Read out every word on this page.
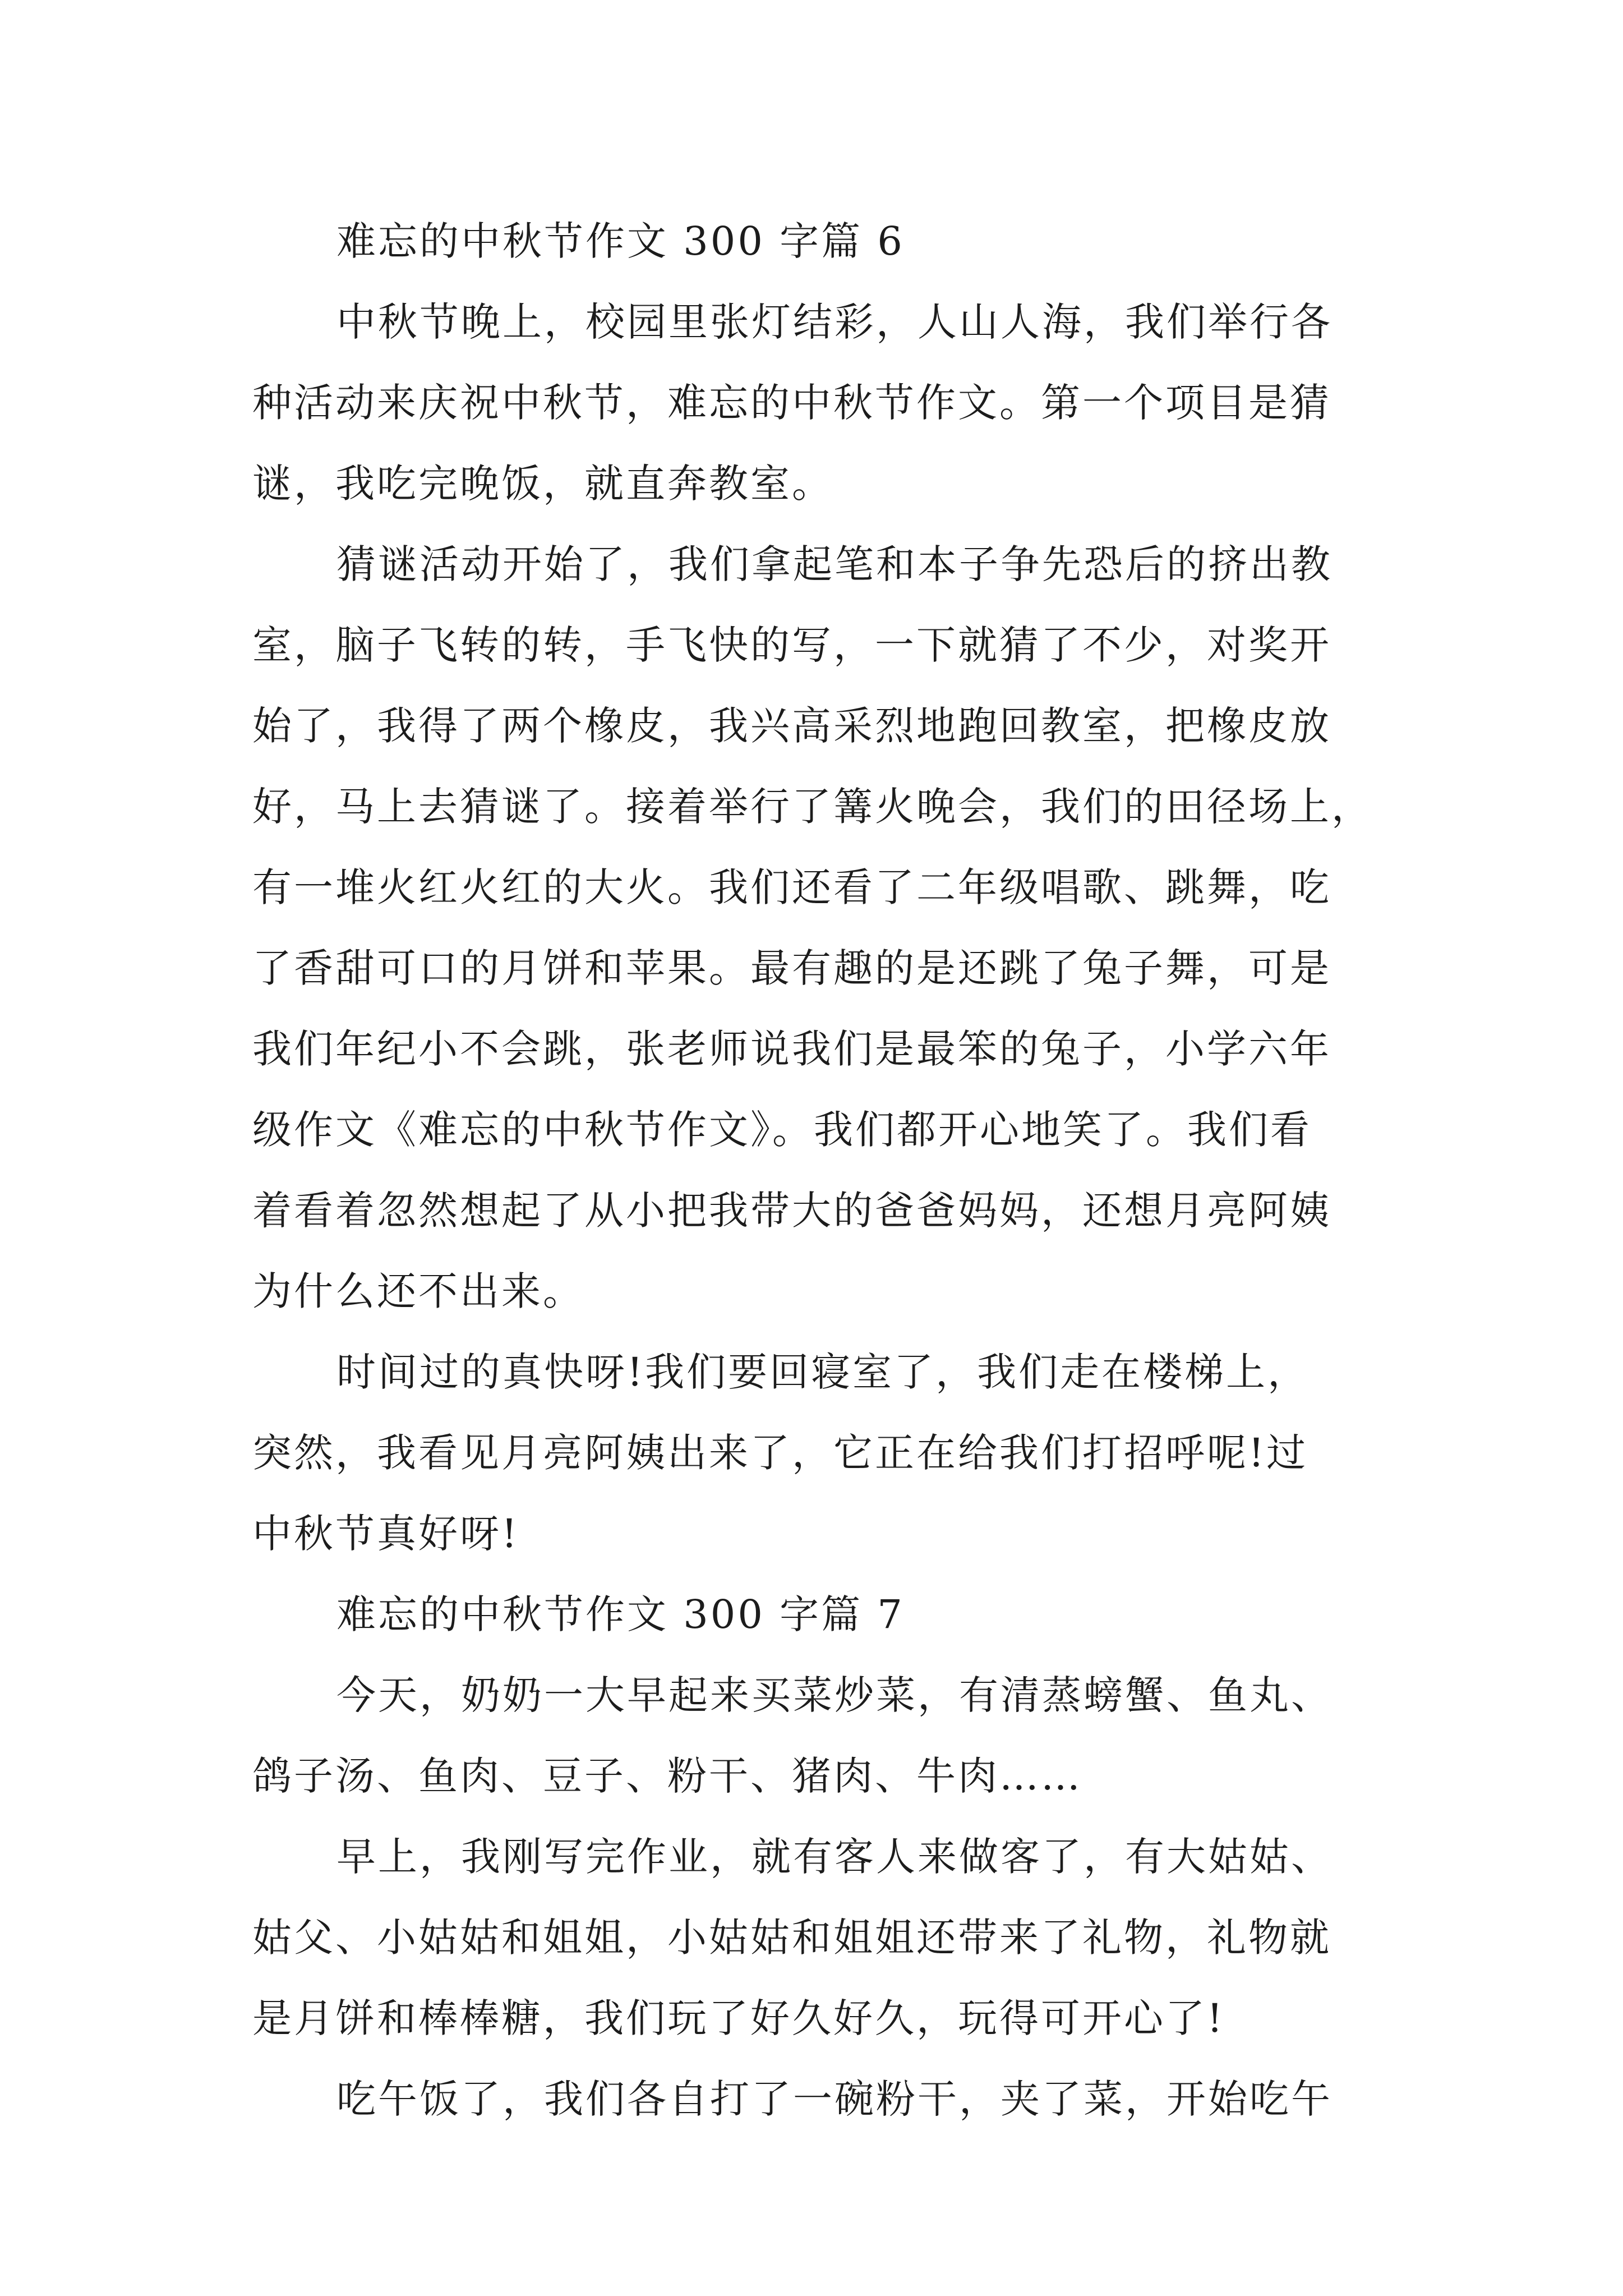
难忘的中秋节作文 300 字篇 6
中秋节晚上，校园里张灯结彩，人山人海，我们举行各
种活动来庆祝中秋节，难忘的中秋节作文。第一个项目是猜
谜，我吃完晚饭，就直奔教室。
猜谜活动开始了，我们拿起笔和本子争先恐后的挤出教
室，脑子飞转的转，手飞快的写，一下就猜了不少，对奖开
始了，我得了两个橡皮，我兴高采烈地跑回教室，把橡皮放
好，马上去猜谜了。接着举行了篝火晚会，我们的田径场上，
有一堆火红火红的大火。我们还看了二年级唱歌、跳舞，吃
了香甜可口的月饼和苹果。最有趣的是还跳了兔子舞，可是
我们年纪小不会跳，张老师说我们是最笨的兔子，小学六年
级作文《难忘的中秋节作文》。我们都开心地笑了。我们看
着看着忽然想起了从小把我带大的爸爸妈妈，还想月亮阿姨
为什么还不出来。
时间过的真快呀!我们要回寝室了，我们走在楼梯上，
突然，我看见月亮阿姨出来了，它正在给我们打招呼呢!过
中秋节真好呀!
难忘的中秋节作文 300 字篇 7
今天，奶奶一大早起来买菜炒菜，有清蒸螃蟹、鱼丸、
鸽子汤、鱼肉、豆子、粉干、猪肉、牛肉……
早上，我刚写完作业，就有客人来做客了，有大姑姑、
姑父、小姑姑和姐姐，小姑姑和姐姐还带来了礼物，礼物就
是月饼和棒棒糖，我们玩了好久好久，玩得可开心了!
吃午饭了，我们各自打了一碗粉干，夹了菜，开始吃午
